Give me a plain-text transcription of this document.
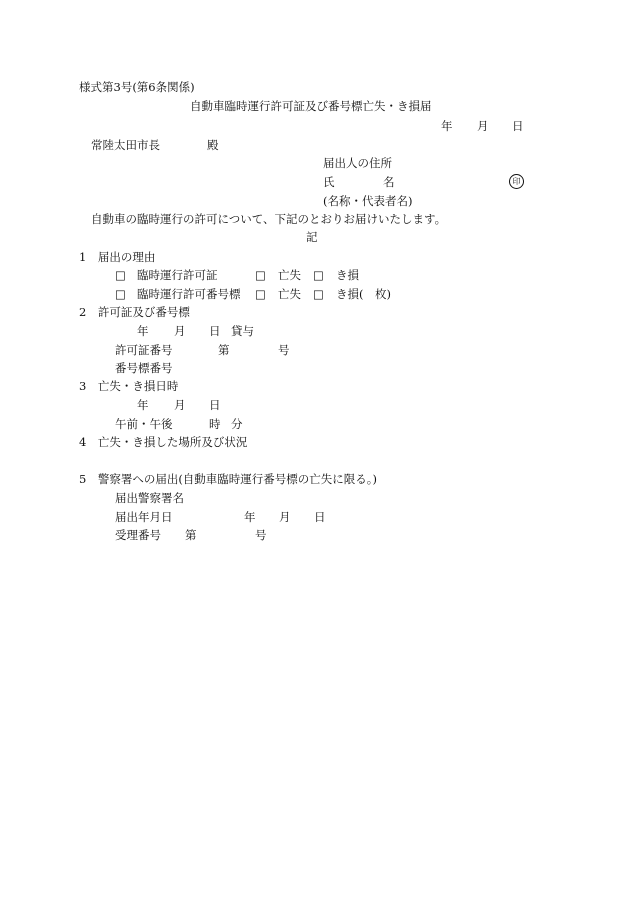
様式第3号(第6条関係)
自動車臨時運行許可証及び番号標亡失・き損届
年 月 日
常陸太田市長	殿
届出人の住所
氏	名	印
(名称・代表者名)
自動車の臨時運行の許可について、下記のとおりお届けいたします。
記
1　届出の理由
□ 臨時運行許可証	□ 亡失 □ き損
□ 臨時運行許可番号標 □ 亡失 □ き損(　枚)
2　許可証及び番号標
年 月 日 貸与
許可証番号	第	号
番号標番号
3　亡失・き損日時
年 月 日
午前・午後	時 分
4　亡失・き損した場所及び状況
5　警察署への届出(自動車臨時運行番号標の亡失に限る。)
届出警察署名
届出年月日	年 月 日
受理番号 第	号
